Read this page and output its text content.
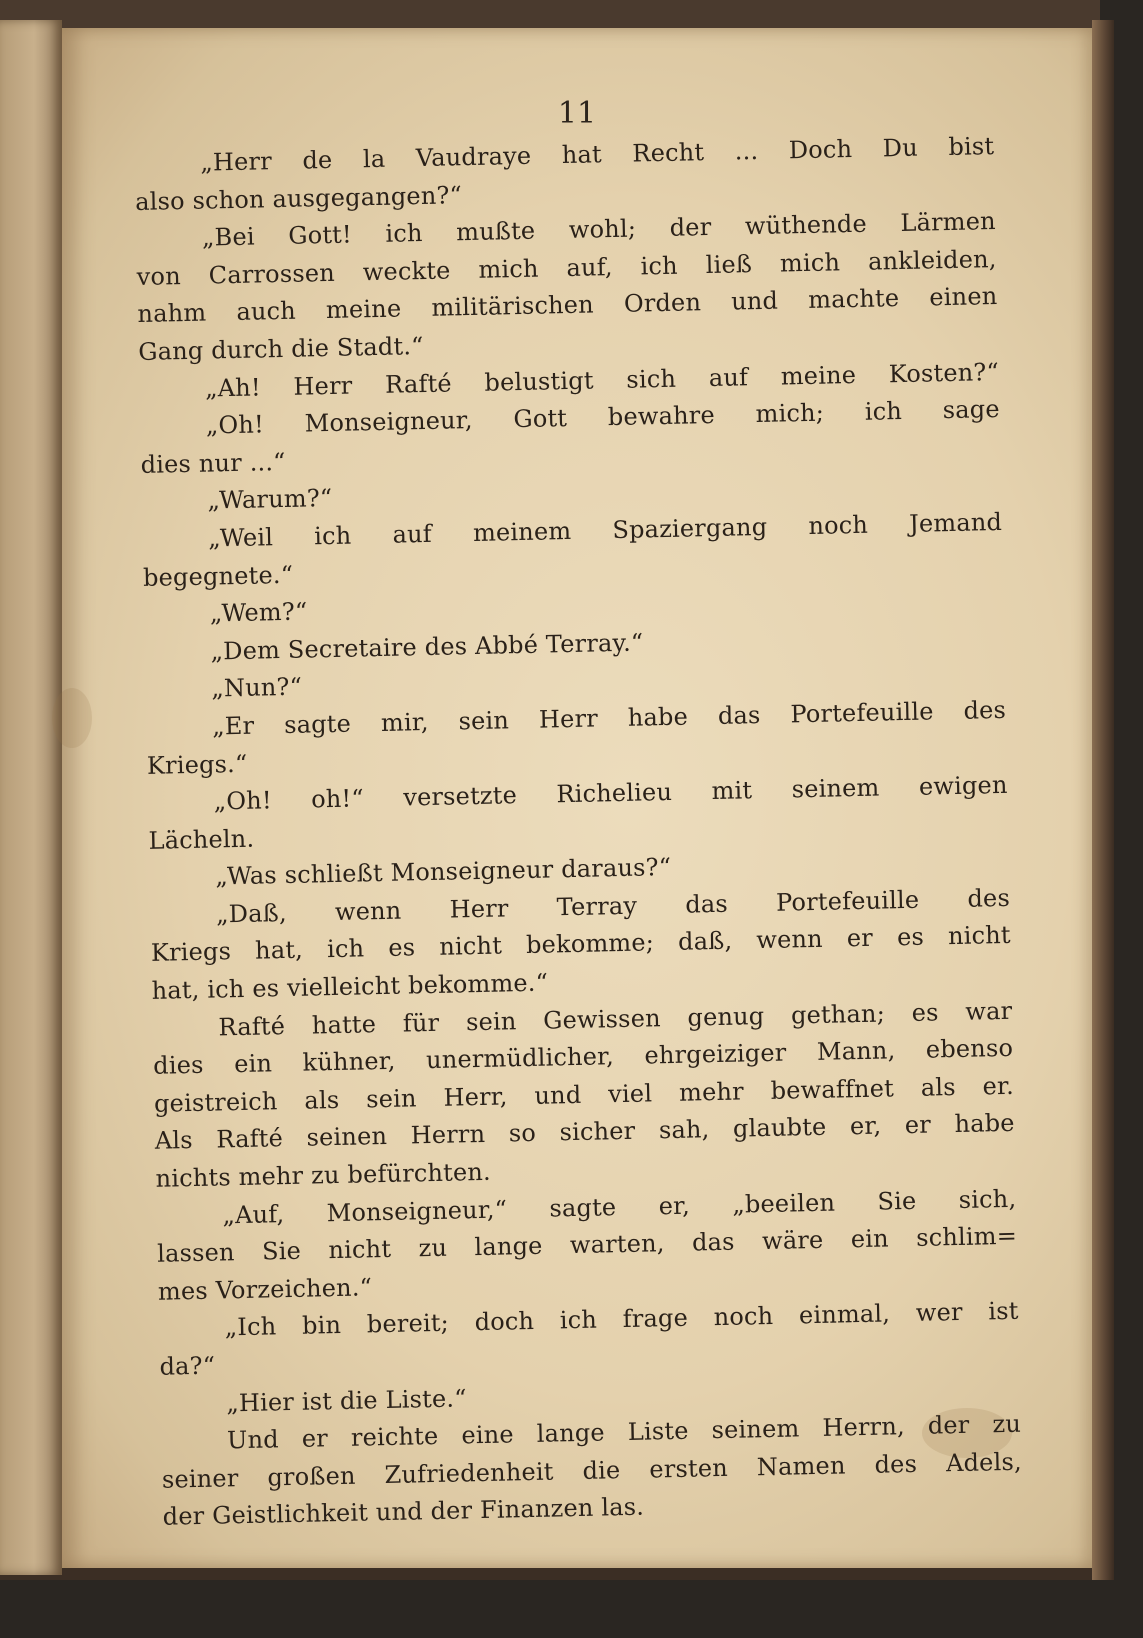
11
„Herr de la Vaudraye hat Recht ... Doch Du bist
also schon ausgegangen?“
„Bei Gott! ich mußte wohl; der wüthende Lärmen
von Carrossen weckte mich auf, ich ließ mich ankleiden,
nahm auch meine militärischen Orden und machte einen
Gang durch die Stadt.“
„Ah! Herr Rafté belustigt sich auf meine Kosten?“
„Oh! Monseigneur, Gott bewahre mich; ich sage
dies nur ...“
„Warum?“
„Weil ich auf meinem Spaziergang noch Jemand
begegnete.“
„Wem?“
„Dem Secretaire des Abbé Terray.“
„Nun?“
„Er sagte mir, sein Herr habe das Portefeuille des
Kriegs.“
„Oh! oh!“ versetzte Richelieu mit seinem ewigen
Lächeln.
„Was schließt Monseigneur daraus?“
„Daß, wenn Herr Terray das Portefeuille des
Kriegs hat, ich es nicht bekomme; daß, wenn er es nicht
hat, ich es vielleicht bekomme.“
Rafté hatte für sein Gewissen genug gethan; es war
dies ein kühner, unermüdlicher, ehrgeiziger Mann, ebenso
geistreich als sein Herr, und viel mehr bewaffnet als er.
Als Rafté seinen Herrn so sicher sah, glaubte er, er habe
nichts mehr zu befürchten.
„Auf, Monseigneur,“ sagte er, „beeilen Sie sich,
lassen Sie nicht zu lange warten, das wäre ein schlim=
mes Vorzeichen.“
„Ich bin bereit; doch ich frage noch einmal, wer ist
da?“
„Hier ist die Liste.“
Und er reichte eine lange Liste seinem Herrn, der zu
seiner großen Zufriedenheit die ersten Namen des Adels,
der Geistlichkeit und der Finanzen las.
